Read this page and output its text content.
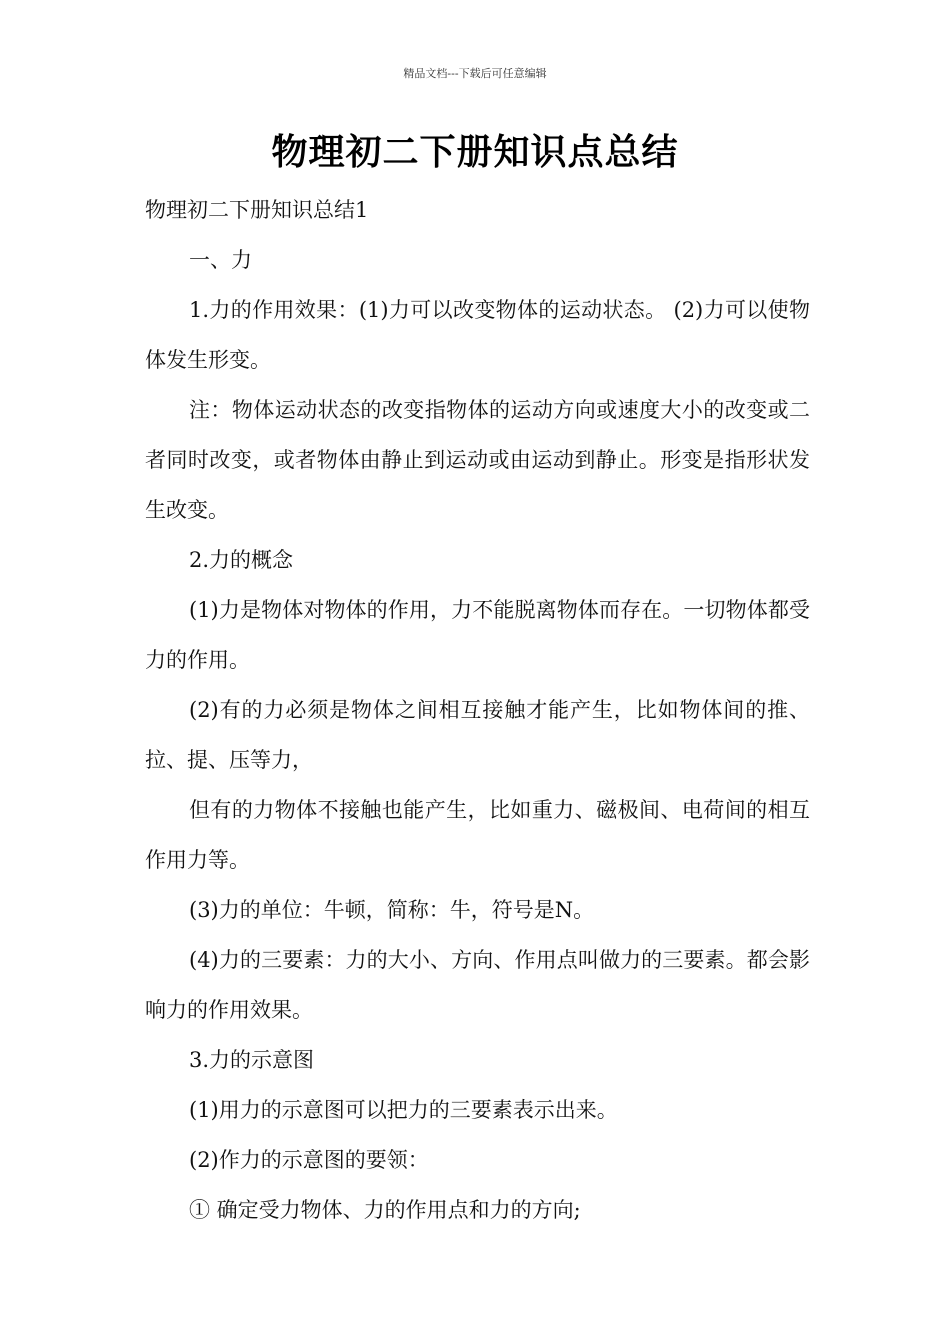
精品文档---下载后可任意编辑
物理初二下册知识点总结

物理初二下册知识总结1

一、力

1.力的作用效果：(1)力可以改变物体的运动状态。 (2)力可以使物体发生形变。

注：物体运动状态的改变指物体的运动方向或速度大小的改变或二者同时改变，或者物体由静止到运动或由运动到静止。形变是指形状发生改变。

2.力的概念

(1)力是物体对物体的作用，力不能脱离物体而存在。一切物体都受力的作用。

(2)有的力必须是物体之间相互接触才能产生，比如物体间的推、拉、提、压等力，

但有的力物体不接触也能产生，比如重力、磁极间、电荷间的相互作用力等。

(3)力的单位：牛顿，简称：牛，符号是N。

(4)力的三要素：力的大小、方向、作用点叫做力的三要素。都会影响力的作用效果。

3.力的示意图

(1)用力的示意图可以把力的三要素表示出来。

(2)作力的示意图的要领：

① 确定受力物体、力的作用点和力的方向;
